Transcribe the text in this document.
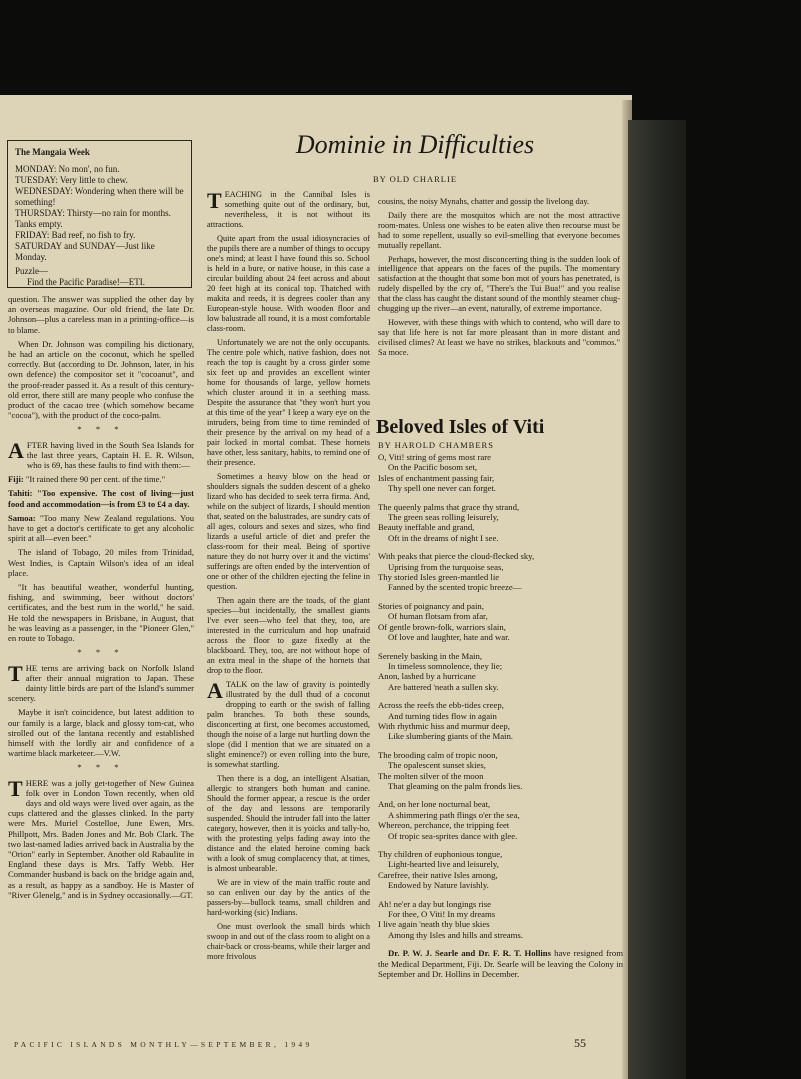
The Mangaia Week
MONDAY: No mon', no fun.
TUESDAY: Very little to chew.
WEDNESDAY: Wondering when there will be something!
THURSDAY: Thirsty—no rain for months. Tanks empty.
FRIDAY: Bad reef, no fish to fry.
SATURDAY and SUNDAY—Just like Monday.
Puzzle—
Find the Pacific Paradise!—ETI.

question. The answer was supplied the other day by an overseas magazine. Our old friend, the late Dr. Johnson—plus a careless man in a printing-office—is to blame.

When Dr. Johnson was compiling his dictionary, he had an article on the coconut, which he spelled correctly. But (according to Dr. Johnson, later, in his own defence) the compositor set it "cocoanut", and the proof-reader passed it. As a result of this century-old error, there still are many people who confuse the product of the cacao tree (which somehow became "cocoa"), with the product of the coco-palm.

* * *

AFTER having lived in the South Sea Islands for the last three years, Captain H. E. R. Wilson, who is 69, has these faults to find with them:—

Fiji: "It rained there 90 per cent. of the time."

Tahiti: "Too expensive. The cost of living—just food and accommodation—is from £3 to £4 a day.

Samoa: "Too many New Zealand regulations. You have to get a doctor's certificate to get any alcoholic spirit at all—even beer."

The island of Tobago, 20 miles from Trinidad, West Indies, is Captain Wilson's idea of an ideal place.

"It has beautiful weather, wonderful hunting, fishing, and swimming, beer without doctors' certificates, and the best rum in the world," he said. He told the newspapers in Brisbane, in August, that he was leaving as a passenger, in the "Pioneer Glen," en route to Tobago.

* * *

THE terns are arriving back on Norfolk Island after their annual migration to Japan. These dainty little birds are part of the Island's summer scenery.

Maybe it isn't coincidence, but latest addition to our family is a large, black and glossy tom-cat, who strolled out of the lantana recently and established himself with the lordly air and confidence of a wartime black marketeer.—V.W.

* * *

THERE was a jolly get-together of New Guinea folk over in London Town recently, when old days and old ways were lived over again, as the cups clattered and the glasses clinked. In the party were Mrs. Muriel Costelloe, June Ewen, Mrs. Phillpott, Mrs. Baden Jones and Mr. Bob Clark. The two last-named ladies arrived back in Australia by the "Orion" early in September. Another old Rabaulite in England these days is Mrs. Taffy Webb. Her Commander husband is back on the bridge again and, as a result, as happy as a sandboy. He is Master of "River Glenelg," and is in Sydney occasionally.—GT.

Dominie in Difficulties
BY OLD CHARLIE

TEACHING in the Cannibal Isles is something quite out of the ordinary, but, nevertheless, it is not without its attractions.

Quite apart from the usual idiosyncracies of the pupils there are a number of things to occupy one's mind; at least I have found this so. School is held in a bure, or native house, in this case a circular building about 24 feet across and about 20 feet high at its conical top. Thatched with makita and reeds, it is degrees cooler than any European-style house. With wooden floor and low balustrade all round, it is a most comfortable class-room.

Unfortunately we are not the only occupants. The centre pole which, native fashion, does not reach the top is caught by a cross girder some six feet up and provides an excellent winter home for thousands of large, yellow hornets which cluster around it in a seething mass. Despite the assurance that "they won't hurt you at this time of the year" I keep a wary eye on the intruders, being from time to time reminded of their presence by the arrival on my head of a pair locked in mortal combat. These hornets have other, less sanitary, habits, to remind one of their presence.

Sometimes a heavy blow on the head or shoulders signals the sudden descent of a gheko lizard who has decided to seek terra firma. And, while on the subject of lizards, I should mention that, seated on the balustrades, are sundry cats of all ages, colours and sexes and sizes, who find lizards a useful article of diet and prefer the class-room for their meal. Being of sportive nature they do not hurry over it and the victims' sufferings are often ended by the intervention of one or other of the children ejecting the feline in question.

Then again there are the toads, of the giant species—but incidentally, the smallest giants I've ever seen—who feel that they, too, are interested in the curriculum and hop unafraid across the floor to gaze fixedly at the blackboard. They, too, are not without hope of an extra meal in the shape of the hornets that drop to the floor.

ATALK on the law of gravity is pointedly illustrated by the dull thud of a coconut dropping to earth or the swish of falling palm branches. To both these sounds, disconcerting at first, one becomes accustomed, though the noise of a large nut hurtling down the slope (did I mention that we are situated on a slight eminence?) or even rolling into the bure, is somewhat startling.

Then there is a dog, an intelligent Alsatian, allergic to strangers both human and canine. Should the former appear, a rescue is the order of the day and lessons are temporarily suspended. Should the intruder fall into the latter category, however, then it is yoicks and tally-ho, with the protesting yelps fading away into the distance and the elated heroine coming back with a look of smug complacency that, at times, is almost unbearable.

We are in view of the main traffic route and so can enliven our day by the antics of the passers-by—bullock teams, small children and hard-working (sic) Indians.

One must overlook the small birds which swoop in and out of the class room to alight on a chair-back or cross-beams, while their larger and more frivolous

cousins, the noisy Mynahs, chatter and gossip the livelong day.

Daily there are the mosquitos which are not the most attractive room-mates. Unless one wishes to be eaten alive then recourse must be had to some repellent, usually so evil-smelling that everyone becomes mutually repellant.

Perhaps, however, the most disconcerting thing is the sudden look of intelligence that appears on the faces of the pupils. The momentary satisfaction at the thought that some bon mot of yours has penetrated, is rudely dispelled by the cry of, "There's the Tui Bua!" and you realise that the class has caught the distant sound of the monthly steamer chug-chugging up the river—an event, naturally, of extreme importance.

However, with these things with which to contend, who will dare to say that life here is not far more pleasant than in more distant and civilised climes? At least we have no strikes, blackouts and "commos." Sa moce.

Beloved Isles of Viti
BY HAROLD CHAMBERS
O, Viti! string of gems most rare
On the Pacific bosom set,
Isles of enchantment passing fair,
Thy spell one never can forget.
The queenly palms that grace thy strand,
The green seas rolling leisurely,
Beauty ineffable and grand,
Oft in the dreams of night I see.
With peaks that pierce the cloud-flecked sky,
Uprising from the turquoise seas,
Thy storied Isles green-mantled lie
Fanned by the scented tropic breeze—
Stories of poignancy and pain,
Of human flotsam from afar,
Of gentle brown-folk, warriors slain,
Of love and laughter, hate and war.
Serenely basking in the Main,
In timeless somnolence, they lie;
Anon, lashed by a hurricane
Are battered 'neath a sullen sky.
Across the reefs the ebb-tides creep,
And turning tides flow in again
With rhythmic hiss and murmur deep,
Like slumbering giants of the Main.
The brooding calm of tropic noon,
The opalescent sunset skies,
The molten silver of the moon
That gleaming on the palm fronds lies.
And, on her lone nocturnal beat,
A shimmering path flings o'er the sea,
Whereon, perchance, the tripping feet
Of tropic sea-sprites dance with glee.
Thy children of euphonious tongue,
Light-hearted live and leisurely,
Carefree, their native Isles among,
Endowed by Nature lavishly.
Ah! ne'er a day but longings rise
For thee, O Viti! In my dreams
I live again 'neath thy blue skies
Among thy Isles and hills and streams.
Dr. P. W. J. Searle and Dr. F. R. T. Hollins have resigned from the Medical Department, Fiji. Dr. Searle will be leaving the Colony in September and Dr. Hollins in December.
PACIFIC ISLANDS MONTHLY—SEPTEMBER, 1949	55
